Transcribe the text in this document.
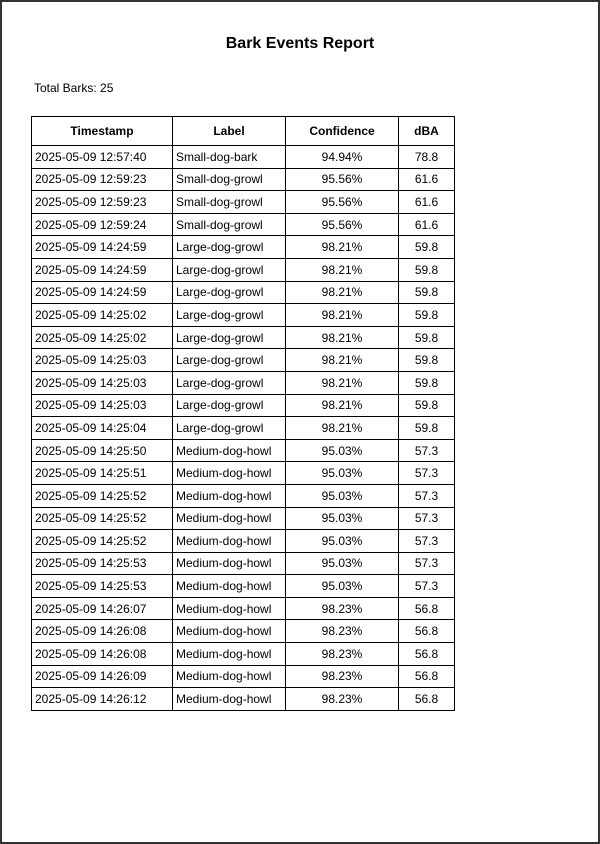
Bark Events Report
Total Barks: 25
Timestamp	Label	Confidence	dBA
2025-05-09 12:57:40	Small-dog-bark	94.94%	78.8
2025-05-09 12:59:23	Small-dog-growl	95.56%	61.6
2025-05-09 12:59:23	Small-dog-growl	95.56%	61.6
2025-05-09 12:59:24	Small-dog-growl	95.56%	61.6
2025-05-09 14:24:59	Large-dog-growl	98.21%	59.8
2025-05-09 14:24:59	Large-dog-growl	98.21%	59.8
2025-05-09 14:24:59	Large-dog-growl	98.21%	59.8
2025-05-09 14:25:02	Large-dog-growl	98.21%	59.8
2025-05-09 14:25:02	Large-dog-growl	98.21%	59.8
2025-05-09 14:25:03	Large-dog-growl	98.21%	59.8
2025-05-09 14:25:03	Large-dog-growl	98.21%	59.8
2025-05-09 14:25:03	Large-dog-growl	98.21%	59.8
2025-05-09 14:25:04	Large-dog-growl	98.21%	59.8
2025-05-09 14:25:50	Medium-dog-howl	95.03%	57.3
2025-05-09 14:25:51	Medium-dog-howl	95.03%	57.3
2025-05-09 14:25:52	Medium-dog-howl	95.03%	57.3
2025-05-09 14:25:52	Medium-dog-howl	95.03%	57.3
2025-05-09 14:25:52	Medium-dog-howl	95.03%	57.3
2025-05-09 14:25:53	Medium-dog-howl	95.03%	57.3
2025-05-09 14:25:53	Medium-dog-howl	95.03%	57.3
2025-05-09 14:26:07	Medium-dog-howl	98.23%	56.8
2025-05-09 14:26:08	Medium-dog-howl	98.23%	56.8
2025-05-09 14:26:08	Medium-dog-howl	98.23%	56.8
2025-05-09 14:26:09	Medium-dog-howl	98.23%	56.8
2025-05-09 14:26:12	Medium-dog-howl	98.23%	56.8
